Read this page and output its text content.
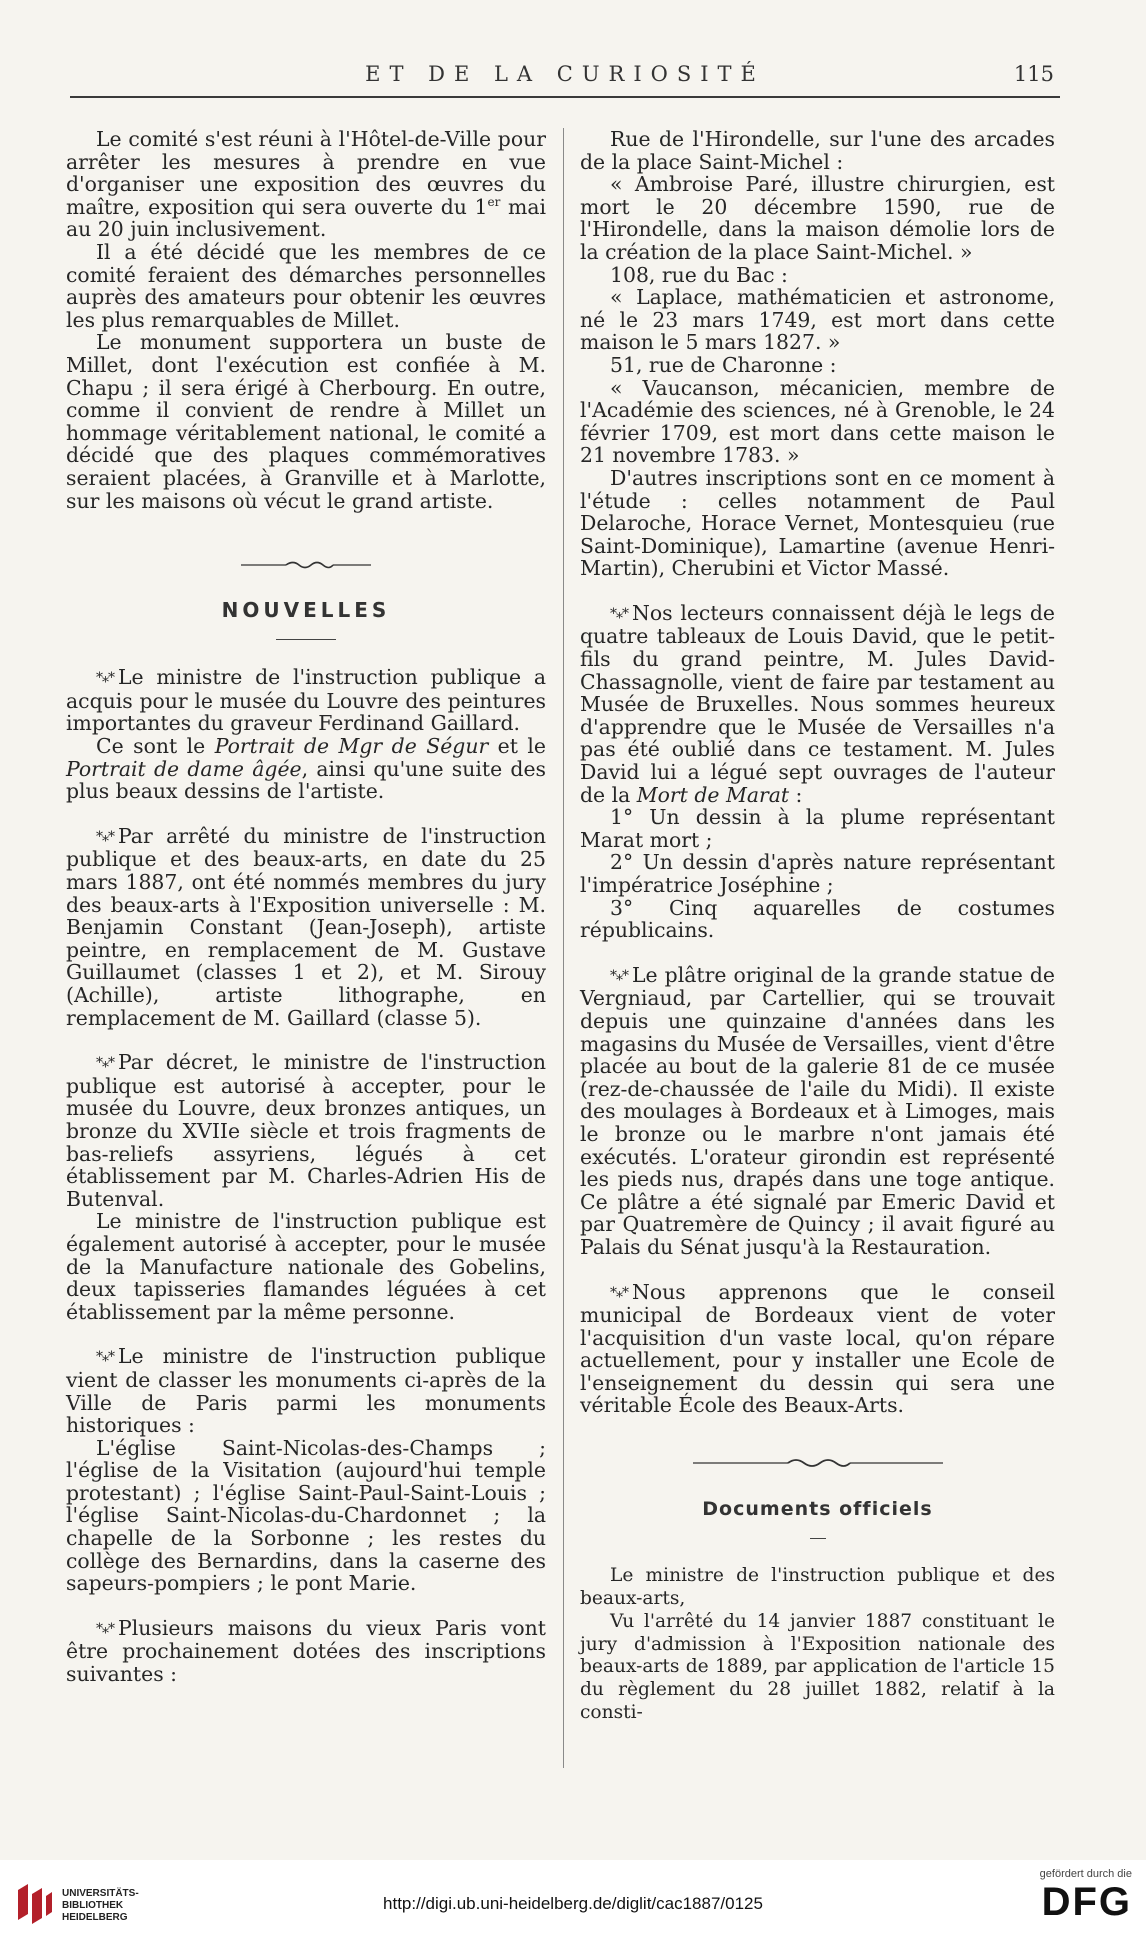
ET DE LA CURIOSITÉ	115

Le comité s'est réuni à l'Hôtel-de-Ville pour arrêter les mesures à prendre en vue d'organiser une exposition des œuvres du maître, exposition qui sera ouverte du 1er mai au 20 juin inclusivement.

Il a été décidé que les membres de ce comité feraient des démarches personnelles auprès des amateurs pour obtenir les œuvres les plus remarquables de Millet.

Le monument supportera un buste de Millet, dont l'exécution est confiée à M. Chapu ; il sera érigé à Cherbourg. En outre, comme il convient de rendre à Millet un hommage véritablement national, le comité a décidé que des plaques commémoratives seraient placées, à Granville et à Marlotte, sur les maisons où vécut le grand artiste.

NOUVELLES

*⁎* Le ministre de l'instruction publique a acquis pour le musée du Louvre des peintures importantes du graveur Ferdinand Gaillard.

Ce sont le Portrait de Mgr de Ségur et le Portrait de dame âgée, ainsi qu'une suite des plus beaux dessins de l'artiste.

*⁎* Par arrêté du ministre de l'instruction publique et des beaux-arts, en date du 25 mars 1887, ont été nommés membres du jury des beaux-arts à l'Exposition universelle : M. Benjamin Constant (Jean-Joseph), artiste peintre, en remplacement de M. Gustave Guillaumet (classes 1 et 2), et M. Sirouy (Achille), artiste lithographe, en remplacement de M. Gaillard (classe 5).

*⁎* Par décret, le ministre de l'instruction publique est autorisé à accepter, pour le musée du Louvre, deux bronzes antiques, un bronze du XVIIe siècle et trois fragments de bas-reliefs assyriens, légués à cet établissement par M. Charles-Adrien His de Butenval.

Le ministre de l'instruction publique est également autorisé à accepter, pour le musée de la Manufacture nationale des Gobelins, deux tapisseries flamandes léguées à cet établissement par la même personne.

*⁎* Le ministre de l'instruction publique vient de classer les monuments ci-après de la Ville de Paris parmi les monuments historiques :

L'église Saint-Nicolas-des-Champs ; l'église de la Visitation (aujourd'hui temple protestant) ; l'église Saint-Paul-Saint-Louis ; l'église Saint-Nicolas-du-Chardonnet ; la chapelle de la Sorbonne ; les restes du collège des Bernardins, dans la caserne des sapeurs-pompiers ; le pont Marie.

*⁎* Plusieurs maisons du vieux Paris vont être prochainement dotées des inscriptions suivantes :

Rue de l'Hirondelle, sur l'une des arcades de la place Saint-Michel :

« Ambroise Paré, illustre chirurgien, est mort le 20 décembre 1590, rue de l'Hirondelle, dans la maison démolie lors de la création de la place Saint-Michel. »

108, rue du Bac :

« Laplace, mathématicien et astronome, né le 23 mars 1749, est mort dans cette maison le 5 mars 1827. »

51, rue de Charonne :

« Vaucanson, mécanicien, membre de l'Académie des sciences, né à Grenoble, le 24 février 1709, est mort dans cette maison le 21 novembre 1783. »

D'autres inscriptions sont en ce moment à l'étude : celles notamment de Paul Delaroche, Horace Vernet, Montesquieu (rue Saint-Dominique), Lamartine (avenue Henri-Martin), Cherubini et Victor Massé.

*⁎* Nos lecteurs connaissent déjà le legs de quatre tableaux de Louis David, que le petit-fils du grand peintre, M. Jules David-Chassagnolle, vient de faire par testament au Musée de Bruxelles. Nous sommes heureux d'apprendre que le Musée de Versailles n'a pas été oublié dans ce testament. M. Jules David lui a légué sept ouvrages de l'auteur de la Mort de Marat :

1° Un dessin à la plume représentant Marat mort ;

2° Un dessin d'après nature représentant l'impératrice Joséphine ;

3° Cinq aquarelles de costumes républicains.

*⁎* Le plâtre original de la grande statue de Vergniaud, par Cartellier, qui se trouvait depuis une quinzaine d'années dans les magasins du Musée de Versailles, vient d'être placée au bout de la galerie 81 de ce musée (rez-de-chaussée de l'aile du Midi). Il existe des moulages à Bordeaux et à Limoges, mais le bronze ou le marbre n'ont jamais été exécutés. L'orateur girondin est représenté les pieds nus, drapés dans une toge antique. Ce plâtre a été signalé par Emeric David et par Quatremère de Quincy ; il avait figuré au Palais du Sénat jusqu'à la Restauration.

*⁎* Nous apprenons que le conseil municipal de Bordeaux vient de voter l'acquisition d'un vaste local, qu'on répare actuellement, pour y installer une Ecole de l'enseignement du dessin qui sera une véritable École des Beaux-Arts.

Documents officiels

Le ministre de l'instruction publique et des beaux-arts,

Vu l'arrêté du 14 janvier 1887 constituant le jury d'admission à l'Exposition nationale des beaux-arts de 1889, par application de l'article 15 du règlement du 28 juillet 1882, relatif à la consti-

UNIVERSITÄTS-
BIBLIOTHEK
HEIDELBERG
http://digi.ub.uni-heidelberg.de/diglit/cac1887/0125
gefördert durch die
DFG
